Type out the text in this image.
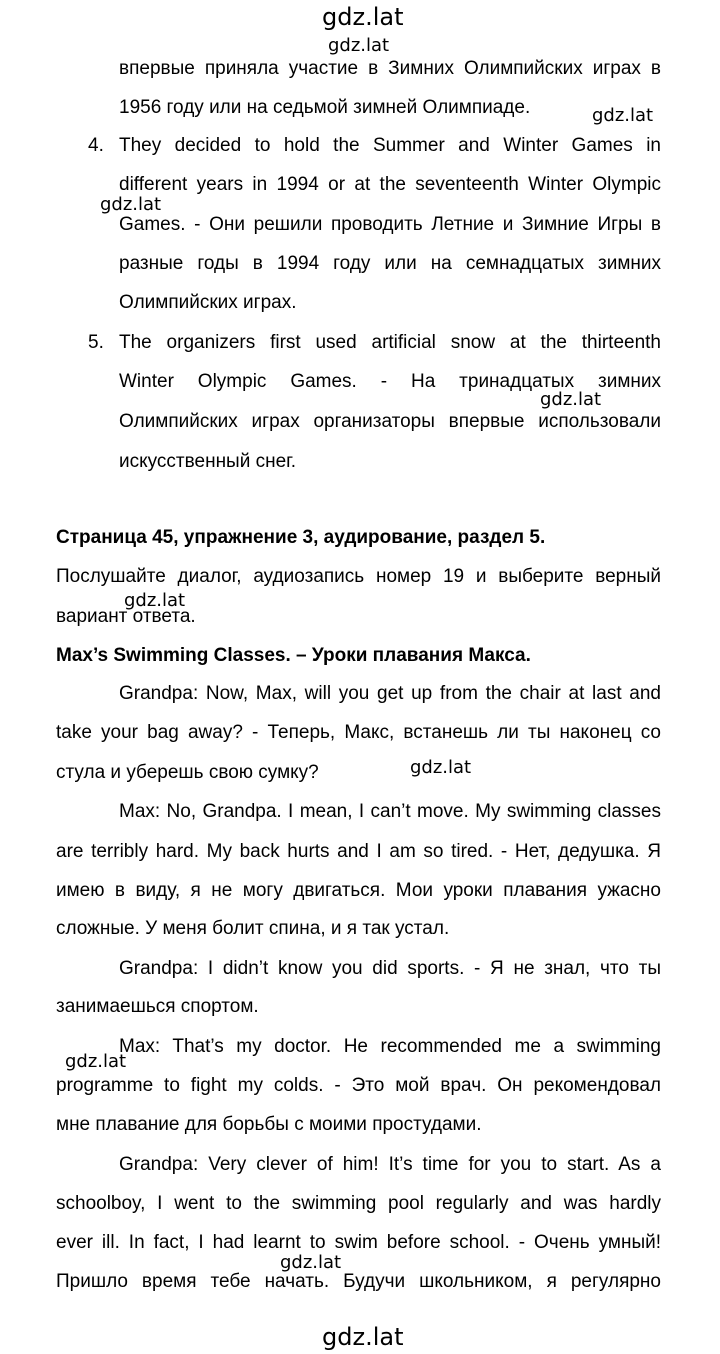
gdz.lat
gdz.lat
gdz.lat
gdz.lat
gdz.lat
gdz.lat
gdz.lat
gdz.lat
gdz.lat
gdz.lat
впервые приняла участие в Зимних Олимпийских играх в
1956 году или на седьмой зимней Олимпиаде.
4. They decided to hold the Summer and Winter Games in
different years in 1994 or at the seventeenth Winter Olympic
Games. - Они решили проводить Летние и Зимние Игры в
разные годы в 1994 году или на семнадцатых зимних
Олимпийских играх.
5. The organizers first used artificial snow at the thirteenth
Winter Olympic Games. - На тринадцатых зимних
Олимпийских играх организаторы впервые использовали
искусственный снег.
Страница 45, упражнение 3, аудирование, раздел 5.
Послушайте диалог, аудиозапись номер 19 и выберите верный
вариант ответа.
Max’s Swimming Classes. – Уроки плавания Макса.
Grandpa: Now, Max, will you get up from the chair at last and
take your bag away? - Теперь, Макс, встанешь ли ты наконец со
стула и уберешь свою сумку?
Max: No, Grandpa. I mean, I can’t move. My swimming classes
are terribly hard. My back hurts and I am so tired. - Нет, дедушка. Я
имею в виду, я не могу двигаться. Мои уроки плавания ужасно
сложные. У меня болит спина, и я так устал.
Grandpa: I didn’t know you did sports. - Я не знал, что ты
занимаешься спортом.
Max: That’s my doctor. He recommended me a swimming
programme to fight my colds. - Это мой врач. Он рекомендовал
мне плавание для борьбы с моими простудами.
Grandpa: Very clever of him! It’s time for you to start. As a
schoolboy, I went to the swimming pool regularly and was hardly
ever ill. In fact, I had learnt to swim before school. - Очень умный!
Пришло время тебе начать. Будучи школьником, я регулярно
